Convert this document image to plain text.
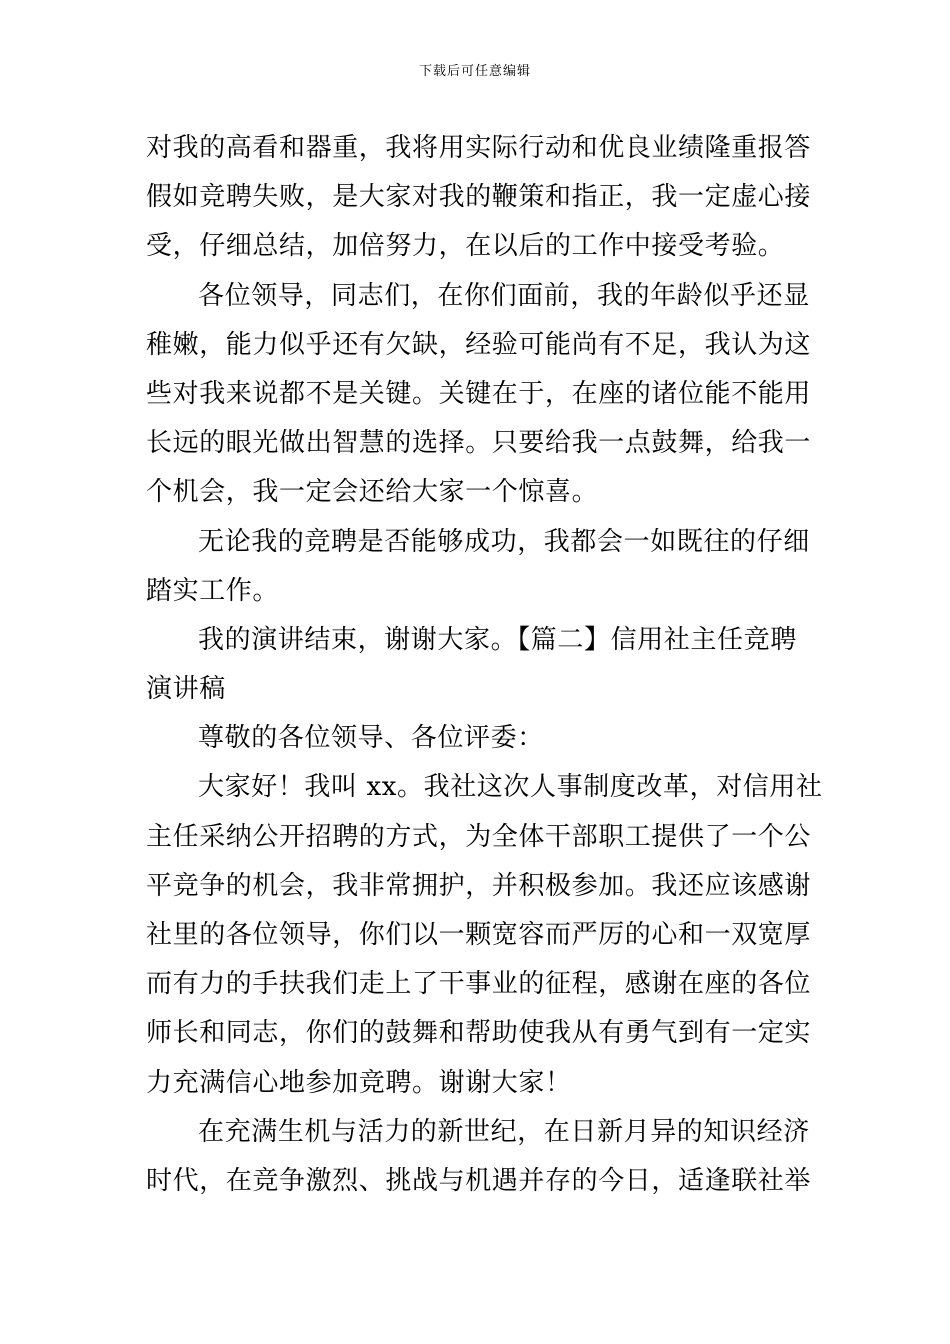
下载后可任意编辑
对我的高看和器重，我将用实际行动和优良业绩隆重报答
假如竞聘失败，是大家对我的鞭策和指正，我一定虚心接
受，仔细总结，加倍努力，在以后的工作中接受考验。
各位领导，同志们，在你们面前，我的年龄似乎还显
稚嫩，能力似乎还有欠缺，经验可能尚有不足，我认为这
些对我来说都不是关键。关键在于，在座的诸位能不能用
长远的眼光做出智慧的选择。只要给我一点鼓舞，给我一
个机会，我一定会还给大家一个惊喜。
无论我的竞聘是否能够成功，我都会一如既往的仔细
踏实工作。
我的演讲结束，谢谢大家。【篇二】信用社主任竞聘
演讲稿
尊敬的各位领导、各位评委：
大家好！我叫 xx。我社这次人事制度改革，对信用社
主任采纳公开招聘的方式，为全体干部职工提供了一个公
平竞争的机会，我非常拥护，并积极参加。我还应该感谢
社里的各位领导，你们以一颗宽容而严厉的心和一双宽厚
而有力的手扶我们走上了干事业的征程，感谢在座的各位
师长和同志，你们的鼓舞和帮助使我从有勇气到有一定实
力充满信心地参加竞聘。谢谢大家！
在充满生机与活力的新世纪，在日新月异的知识经济
时代，在竞争激烈、挑战与机遇并存的今日，适逢联社举
